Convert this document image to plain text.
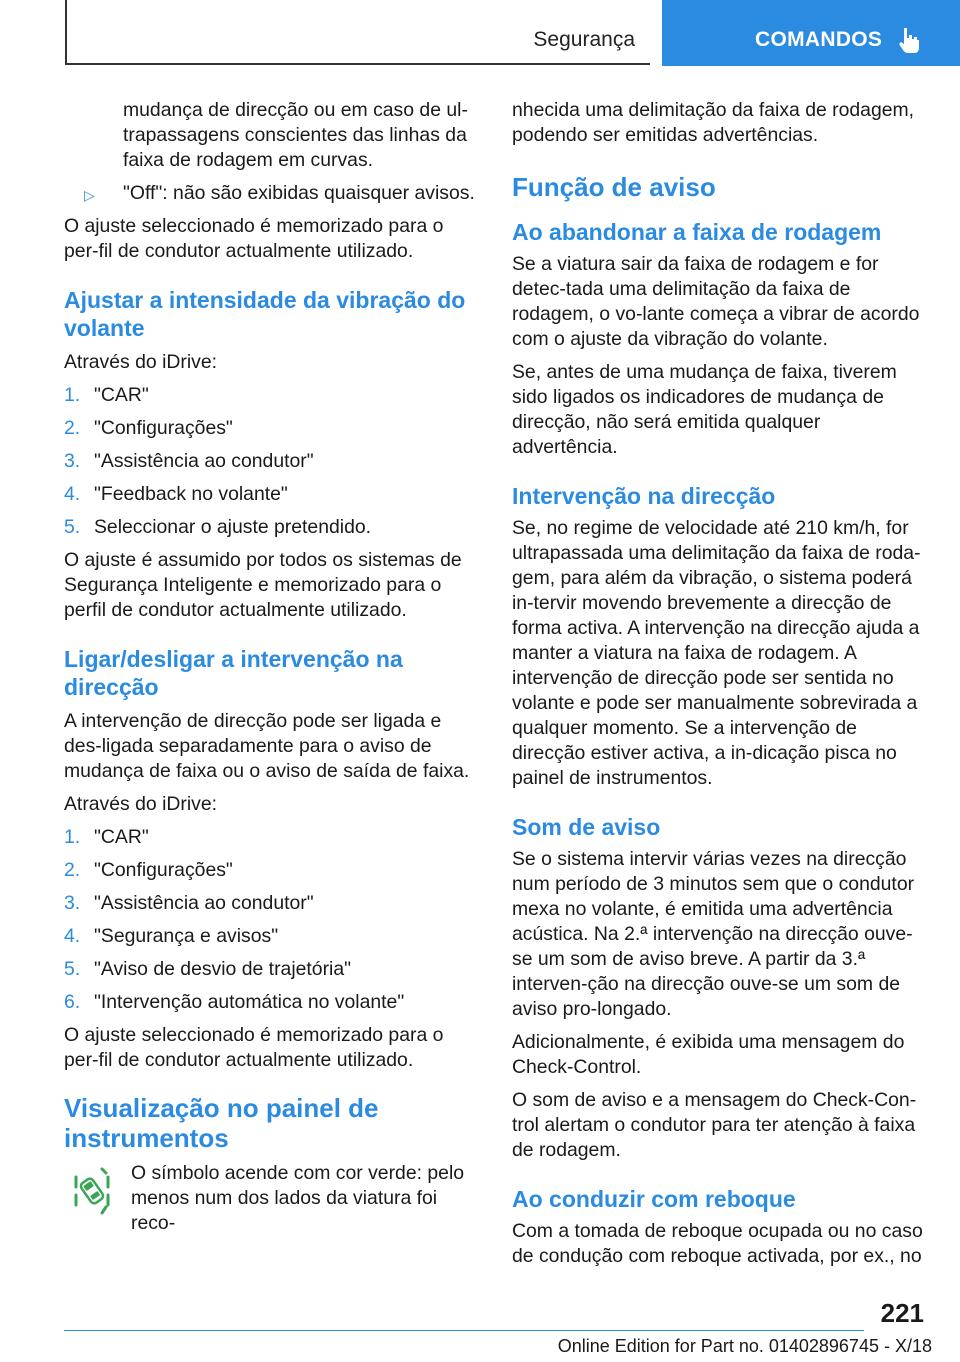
Segurança	COMANDOS

mudança de direcção ou em caso de ul-trapassagens conscientes das linhas da faixa de rodagem em curvas.

▷ "Off": não são exibidas quaisquer avisos.

O ajuste seleccionado é memorizado para o per-fil de condutor actualmente utilizado.

Ajustar a intensidade da vibração do volante

Através do iDrive:

1. "CAR"
2. "Configurações"
3. "Assistência ao condutor"
4. "Feedback no volante"
5. Seleccionar o ajuste pretendido.

O ajuste é assumido por todos os sistemas de Segurança Inteligente e memorizado para o perfil de condutor actualmente utilizado.

Ligar/desligar a intervenção na direcção

A intervenção de direcção pode ser ligada e des-ligada separadamente para o aviso de mudança de faixa ou o aviso de saída de faixa.

Através do iDrive:

1. "CAR"
2. "Configurações"
3. "Assistência ao condutor"
4. "Segurança e avisos"
5. "Aviso de desvio de trajetória"
6. "Intervenção automática no volante"

O ajuste seleccionado é memorizado para o per-fil de condutor actualmente utilizado.

Visualização no painel de instrumentos

O símbolo acende com cor verde: pelo menos num dos lados da viatura foi reco-

nhecida uma delimitação da faixa de rodagem, podendo ser emitidas advertências.

Função de aviso
Ao abandonar a faixa de rodagem

Se a viatura sair da faixa de rodagem e for detec-tada uma delimitação da faixa de rodagem, o vo-lante começa a vibrar de acordo com o ajuste da vibração do volante.

Se, antes de uma mudança de faixa, tiverem sido ligados os indicadores de mudança de direcção, não será emitida qualquer advertência.

Intervenção na direcção

Se, no regime de velocidade até 210 km/h, for ultrapassada uma delimitação da faixa de roda-gem, para além da vibração, o sistema poderá in-tervir movendo brevemente a direcção de forma activa. A intervenção na direcção ajuda a manter a viatura na faixa de rodagem. A intervenção de direcção pode ser sentida no volante e pode ser manualmente sobrevirada a qualquer momento. Se a intervenção de direcção estiver activa, a in-dicação pisca no painel de instrumentos.

Som de aviso

Se o sistema intervir várias vezes na direcção num período de 3 minutos sem que o condutor mexa no volante, é emitida uma advertência acústica. Na 2.ª intervenção na direcção ouve-se um som de aviso breve. A partir da 3.ª interven-ção na direcção ouve-se um som de aviso pro-longado.

Adicionalmente, é exibida uma mensagem do Check-Control.

O som de aviso e a mensagem do Check-Con-trol alertam o condutor para ter atenção à faixa de rodagem.

Ao conduzir com reboque

Com a tomada de reboque ocupada ou no caso de condução com reboque activada, por ex., no

221
Online Edition for Part no. 01402896745 - X/18
